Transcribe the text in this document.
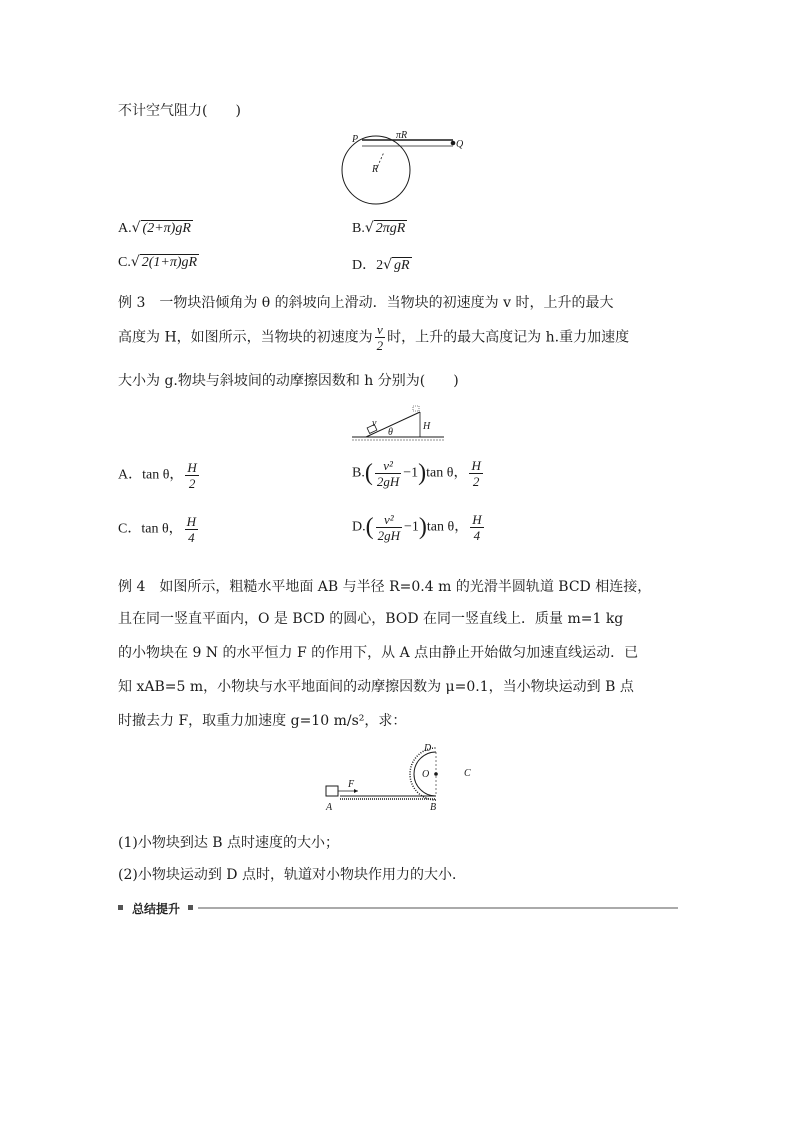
不计空气阻力(　　)
P	Q
πR
R
A.√ (2+π)gR	B.√ 2πgR
C.√ 2(1+π)gR	D．2√ gR
例 3　一物块沿倾角为 θ 的斜坡向上滑动．当物块的初速度为 v 时，上升的最大
高度为 H，如图所示，当物块的初速度为 $\frac{v}{2}$ 时，上升的最大高度记为 h.重力加速度
大小为 g.物块与斜坡间的动摩擦因数和 h 分别为(　　)
v
θ
H
A．tan θ， $\frac{H}{2}$	$B.( \frac{\text{v²}}{2gH} -1)\tan$ θ， $\frac{H}{2}$
C．tan θ， $\frac{H}{4}$	$D.( \frac{\text{v²}}{2gH} -1)\tan$ θ， $\frac{H}{4}$
例 4　如图所示，粗糙水平地面 AB 与半径 R=0.4 m 的光滑半圆轨道 BCD 相连接，
且在同一竖直平面内，O 是 BCD 的圆心，BOD 在同一竖直线上．质量 m=1 kg
的小物块在 9 N 的水平恒力 F 的作用下，从 A 点由静止开始做匀加速直线运动．已
知 xAB=5 m，小物块与水平地面间的动摩擦因数为 μ=0.1，当小物块运动到 B 点
时撤去力 F，取重力加速度 g=10 m/s²，求：
A	B
C
D
O
F
(1)小物块到达 B 点时速度的大小；
(2)小物块运动到 D 点时，轨道对小物块作用力的大小．
总结提升
